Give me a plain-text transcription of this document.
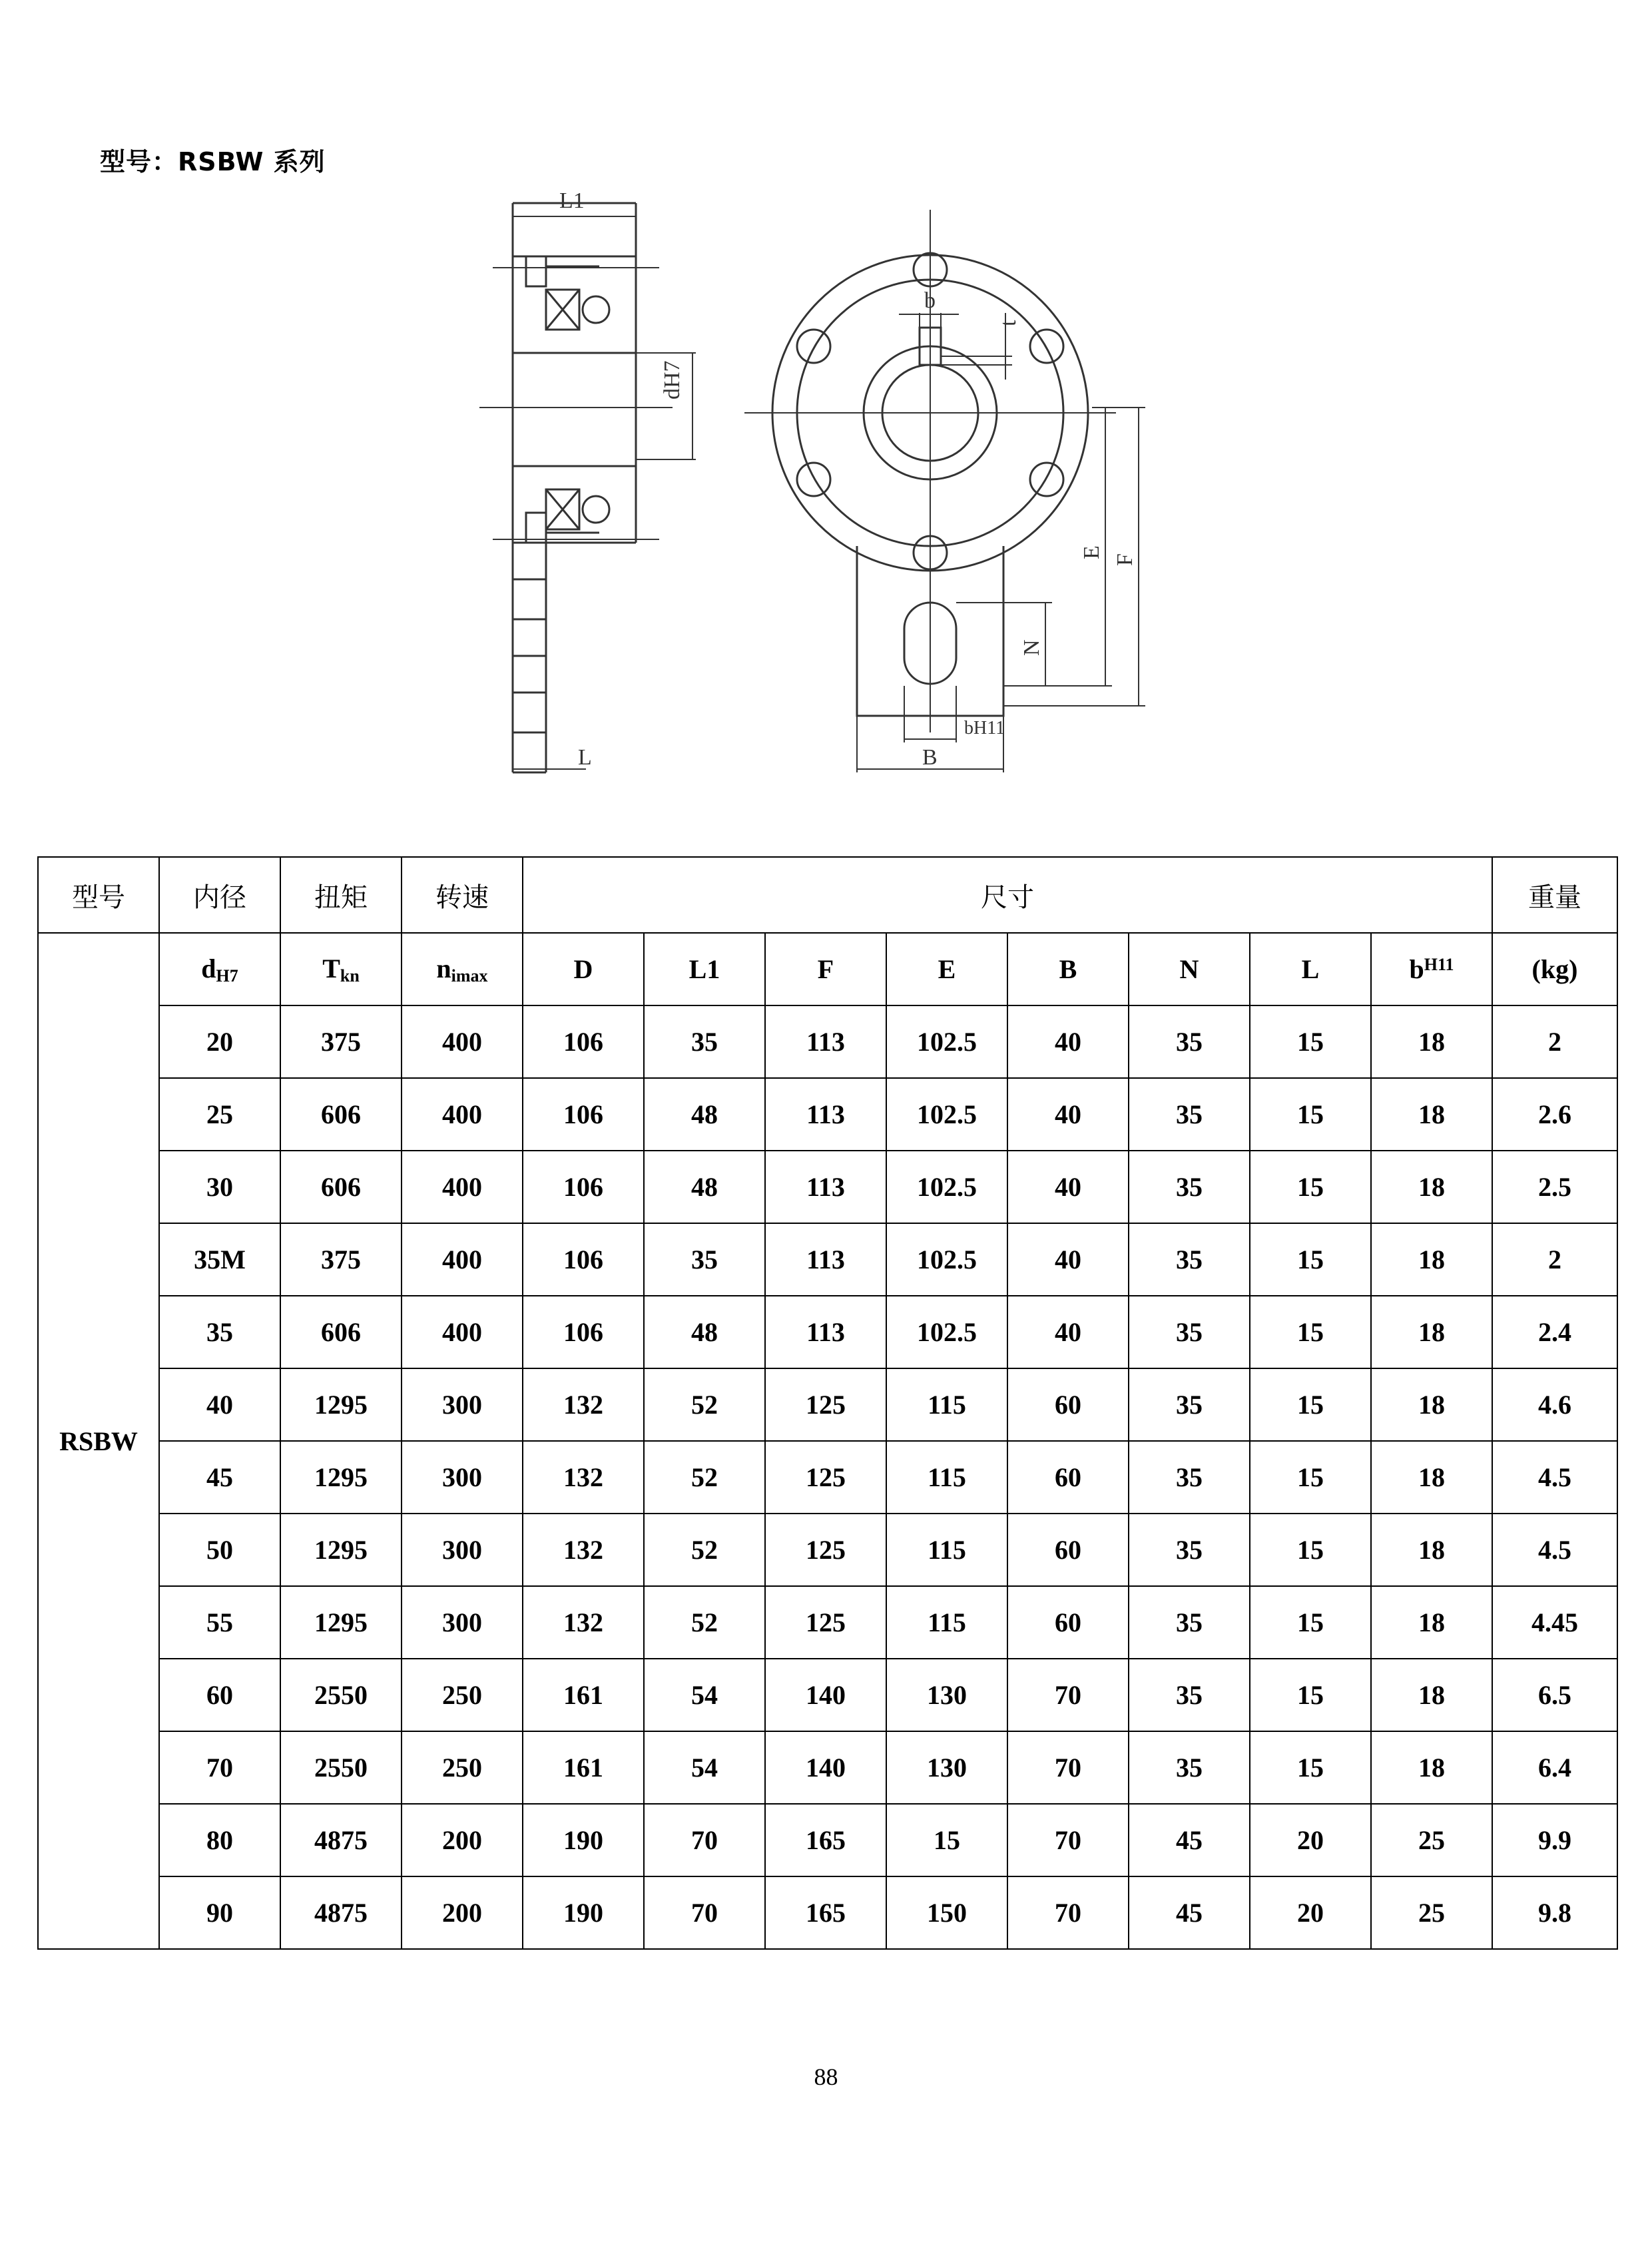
型号：RSBW 系列
L1
dH7
L
b
t
E
F
N
bH11
B
型号	内径	扭矩	转速	尺寸								重量
RSBW	$d_{H7}$	$T_{kn}$	$n_{imax}$	D	L1	F	E	B	N	L	$b^{H11}$	(kg)
	20	375	400	106	35	113	102.5	40	35	15	18	2
	25	606	400	106	48	113	102.5	40	35	15	18	2.6
	30	606	400	106	48	113	102.5	40	35	15	18	2.5
	35M	375	400	106	35	113	102.5	40	35	15	18	2
	35	606	400	106	48	113	102.5	40	35	15	18	2.4
	40	1295	300	132	52	125	115	60	35	15	18	4.6
	45	1295	300	132	52	125	115	60	35	15	18	4.5
	50	1295	300	132	52	125	115	60	35	15	18	4.5
	55	1295	300	132	52	125	115	60	35	15	18	4.45
	60	2550	250	161	54	140	130	70	35	15	18	6.5
	70	2550	250	161	54	140	130	70	35	15	18	6.4
	80	4875	200	190	70	165	15	70	45	20	25	9.9
	90	4875	200	190	70	165	150	70	45	20	25	9.8
88
